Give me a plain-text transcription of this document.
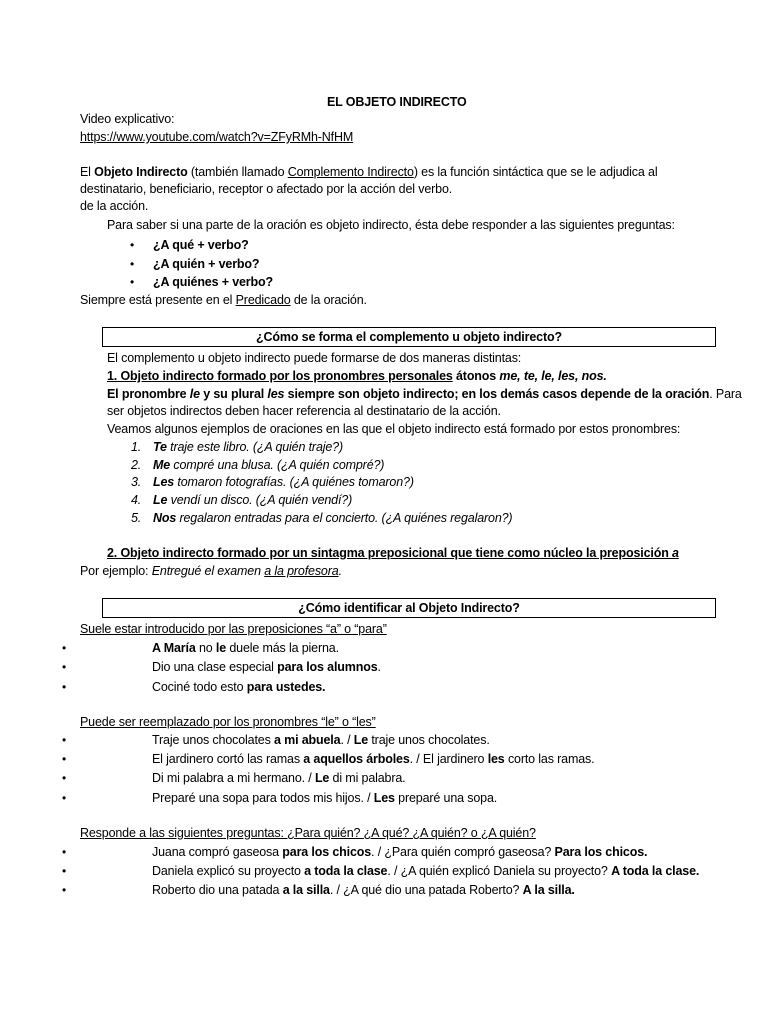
EL OBJETO INDIRECTO
Video explicativo:
https://www.youtube.com/watch?v=ZFyRMh-NfHM
El Objeto Indirecto (también llamado Complemento Indirecto) es la función sintáctica que se le adjudica al
destinatario, beneficiario, receptor o afectado por la acción del verbo.
de la acción.
Para saber si una parte de la oración es objeto indirecto, ésta debe responder a las siguientes preguntas:
• ¿A qué + verbo?
• ¿A quién + verbo?
• ¿A quiénes + verbo?
Siempre está presente en el Predicado de la oración.
¿Cómo se forma el complemento u objeto indirecto?
El complemento u objeto indirecto puede formarse de dos maneras distintas:
1. Objeto indirecto formado por los pronombres personales átonos me, te, le, les, nos.
El pronombre le y su plural les siempre son objeto indirecto; en los demás casos depende de la oración. Para
ser objetos indirectos deben hacer referencia al destinatario de la acción.
Veamos algunos ejemplos de oraciones en las que el objeto indirecto está formado por estos pronombres:
1. Te traje este libro. (¿A quién traje?)
2. Me compré una blusa. (¿A quién compré?)
3. Les tomaron fotografías. (¿A quiénes tomaron?)
4. Le vendí un disco. (¿A quién vendí?)
5. Nos regalaron entradas para el concierto. (¿A quiénes regalaron?)
2. Objeto indirecto formado por un sintagma preposicional que tiene como núcleo la preposición a
Por ejemplo: Entregué el examen a la profesora.
¿Cómo identificar al Objeto Indirecto?
Suele estar introducido por las preposiciones “a” o “para”
•	A María no le duele más la pierna.
•	Dio una clase especial para los alumnos.
•	Cociné todo esto para ustedes.
Puede ser reemplazado por los pronombres “le” o “les”
•	Traje unos chocolates a mi abuela. / Le traje unos chocolates.
•	El jardinero cortó las ramas a aquellos árboles. / El jardinero les corto las ramas.
•	Di mi palabra a mi hermano. / Le di mi palabra.
•	Preparé una sopa para todos mis hijos. / Les preparé una sopa.
Responde a las siguientes preguntas: ¿Para quién? ¿A qué? ¿A quién? o ¿A quién?
•	Juana compró gaseosa para los chicos. / ¿Para quién compró gaseosa? Para los chicos.
•	Daniela explicó su proyecto a toda la clase. / ¿A quién explicó Daniela su proyecto? A toda la clase.
•	Roberto dio una patada a la silla. / ¿A qué dio una patada Roberto? A la silla.
